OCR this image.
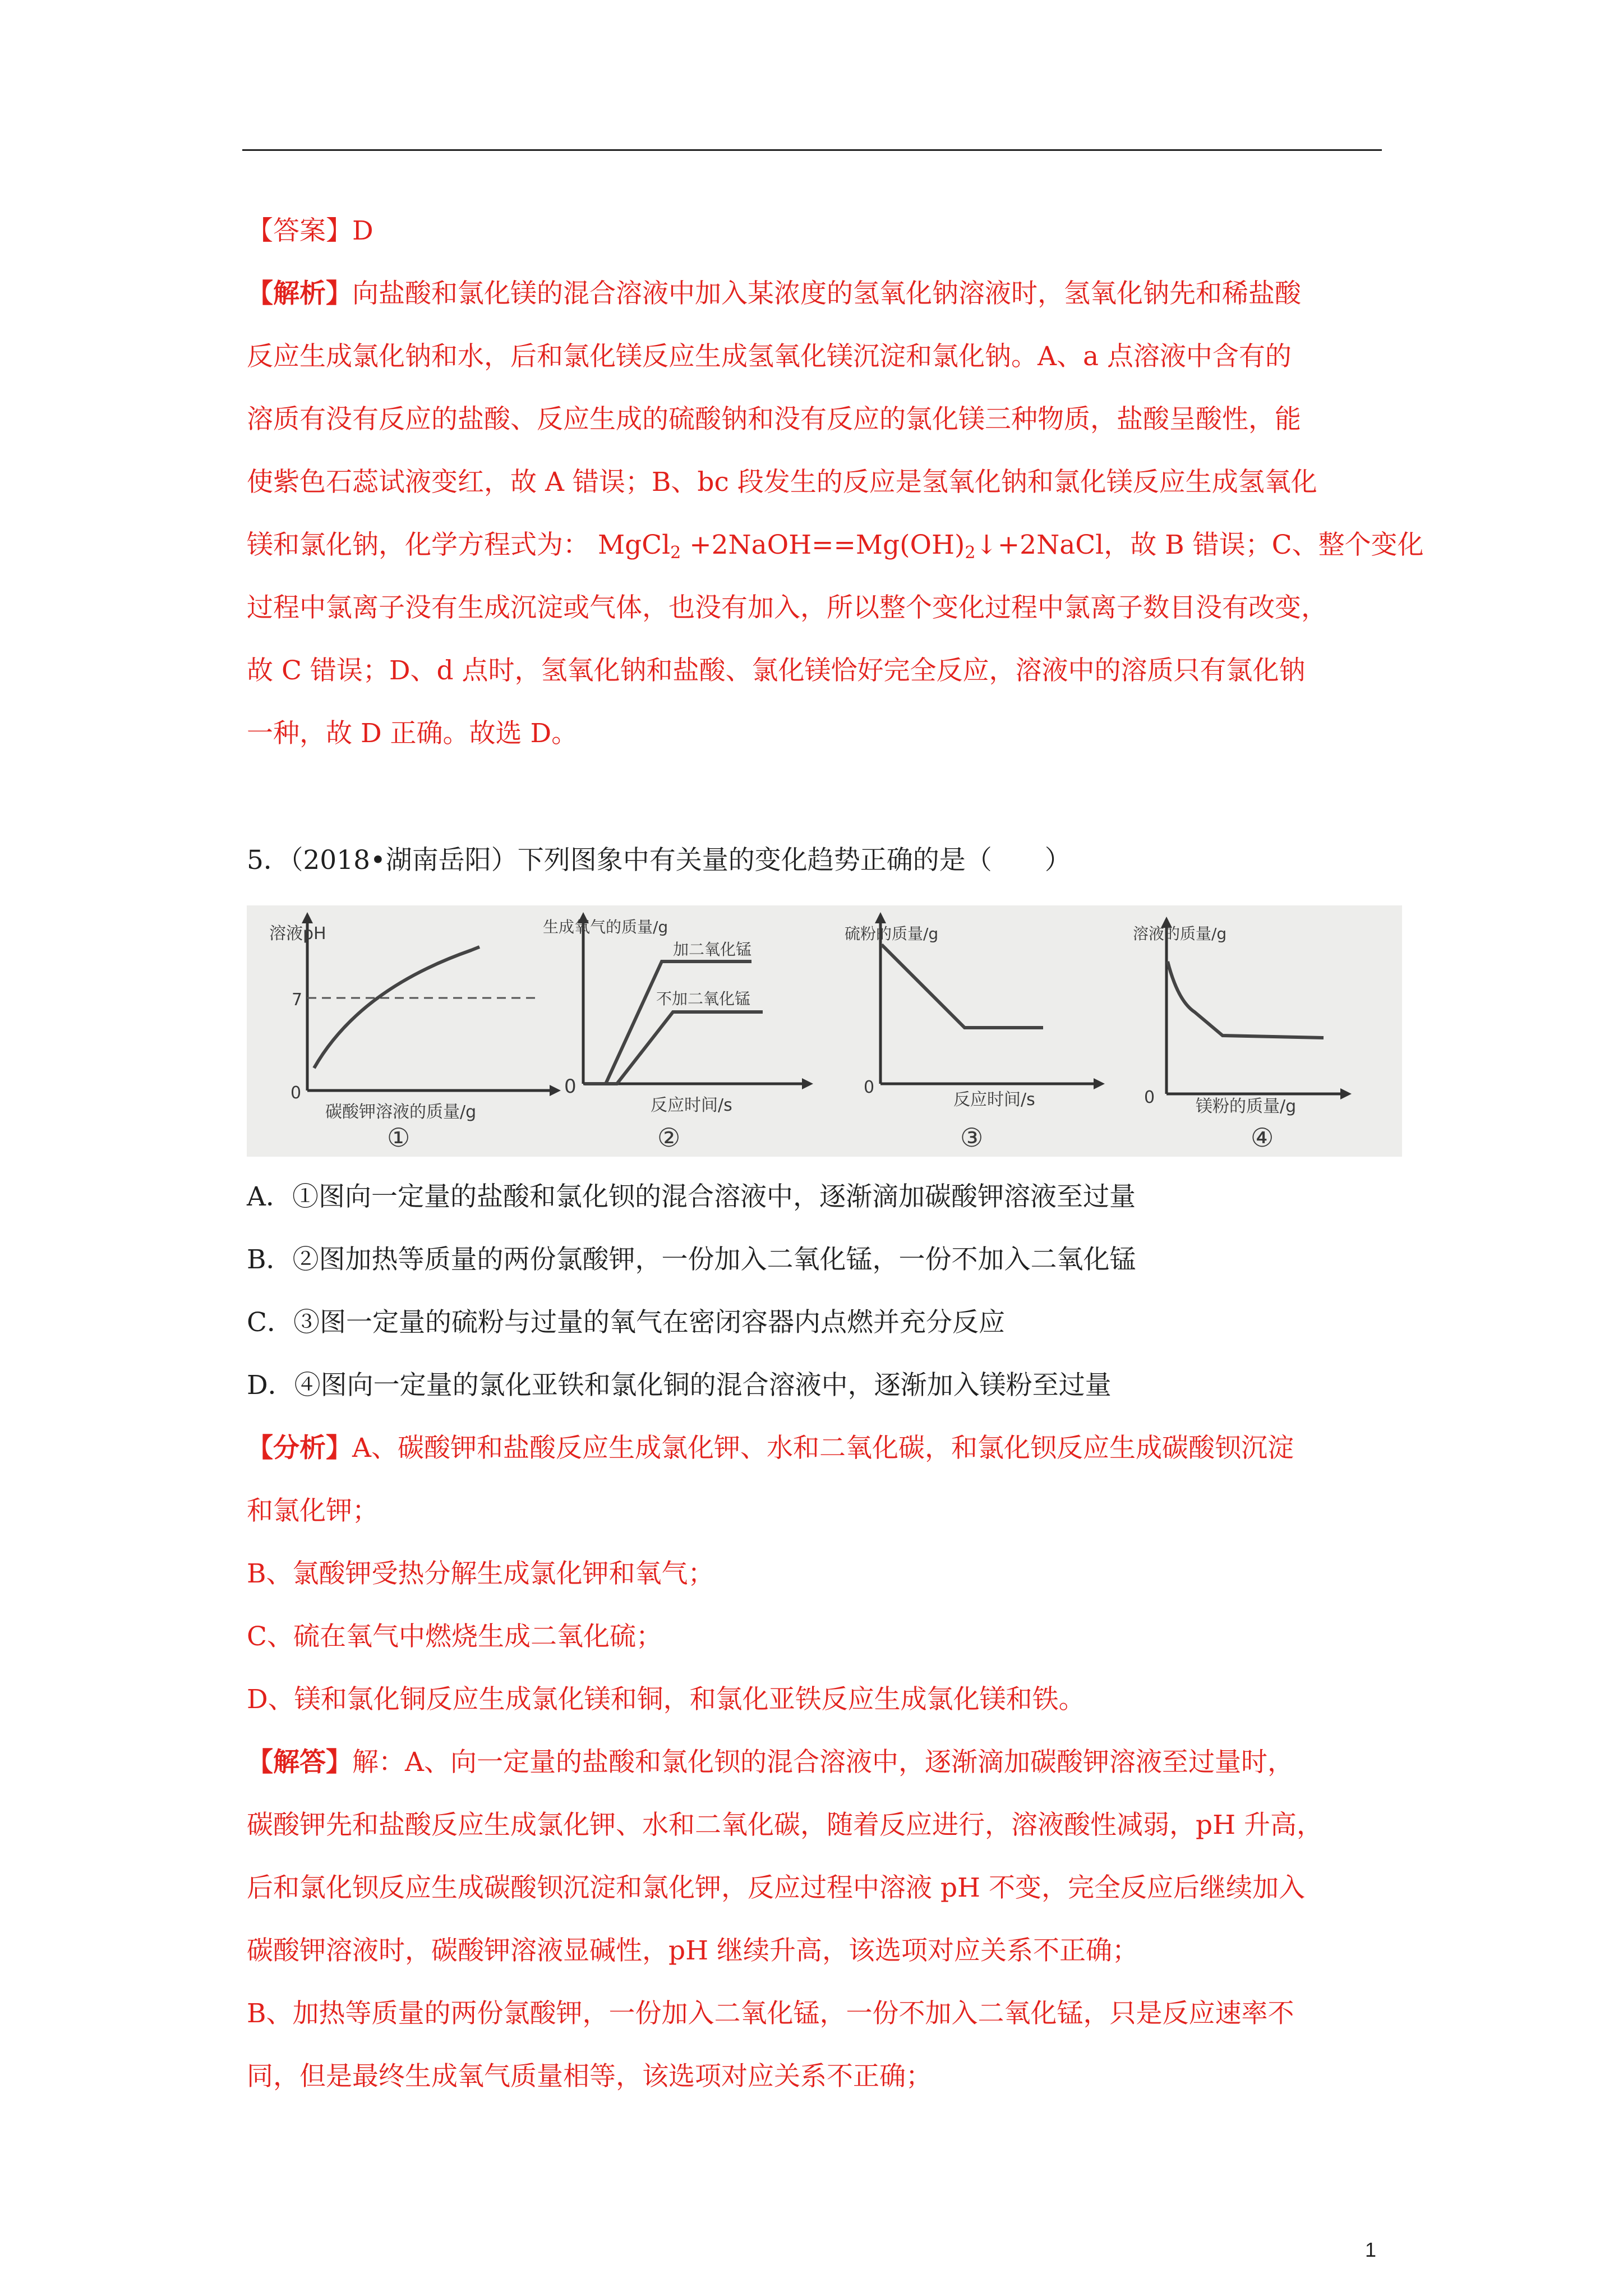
【答案】D
【解析】向盐酸和氯化镁的混合溶液中加入某浓度的氢氧化钠溶液时，氢氧化钠先和稀盐酸
反应生成氯化钠和水，后和氯化镁反应生成氢氧化镁沉淀和氯化钠。A、a 点溶液中含有的
溶质有没有反应的盐酸、反应生成的硫酸钠和没有反应的氯化镁三种物质，盐酸呈酸性，能
使紫色石蕊试液变红，故 A 错误；B、bc 段发生的反应是氢氧化钠和氯化镁反应生成氢氧化
镁和氯化钠，化学方程式为： MgCl$_2$ $+2NaOH==Mg(OH)_2↓+2NaCl$，故 B 错误；C、整个变化
过程中氯离子没有生成沉淀或气体，也没有加入，所以整个变化过程中氯离子数目没有改变，
故 C 错误；D、d 点时，氢氧化钠和盐酸、氯化镁恰好完全反应，溶液中的溶质只有氯化钠
一种，故 D 正确。故选 D。
5．（2018•湖南岳阳）下列图象中有关量的变化趋势正确的是（　　）
溶液pH
7
0
碳酸钾溶液的质量/g
①
生成氧气的质量/g
加二氧化锰
不加二氧化锰
0
反应时间/s
②
硫粉的质量/g
0
反应时间/s
③
溶液的质量/g
0 镁粉的质量/g
④
A．①图向一定量的盐酸和氯化钡的混合溶液中，逐渐滴加碳酸钾溶液至过量
B．②图加热等质量的两份氯酸钾，一份加入二氧化锰，一份不加入二氧化锰
C．③图一定量的硫粉与过量的氧气在密闭容器内点燃并充分反应
D．④图向一定量的氯化亚铁和氯化铜的混合溶液中，逐渐加入镁粉至过量
【分析】A、碳酸钾和盐酸反应生成氯化钾、水和二氧化碳，和氯化钡反应生成碳酸钡沉淀
和氯化钾；
B、氯酸钾受热分解生成氯化钾和氧气；
C、硫在氧气中燃烧生成二氧化硫；
D、镁和氯化铜反应生成氯化镁和铜，和氯化亚铁反应生成氯化镁和铁。
【解答】解：A、向一定量的盐酸和氯化钡的混合溶液中，逐渐滴加碳酸钾溶液至过量时，
碳酸钾先和盐酸反应生成氯化钾、水和二氧化碳，随着反应进行，溶液酸性减弱，pH 升高，
后和氯化钡反应生成碳酸钡沉淀和氯化钾，反应过程中溶液 pH 不变，完全反应后继续加入
碳酸钾溶液时，碳酸钾溶液显碱性，pH 继续升高，该选项对应关系不正确；
B、加热等质量的两份氯酸钾，一份加入二氧化锰，一份不加入二氧化锰，只是反应速率不
同，但是最终生成氧气质量相等，该选项对应关系不正确；
1
